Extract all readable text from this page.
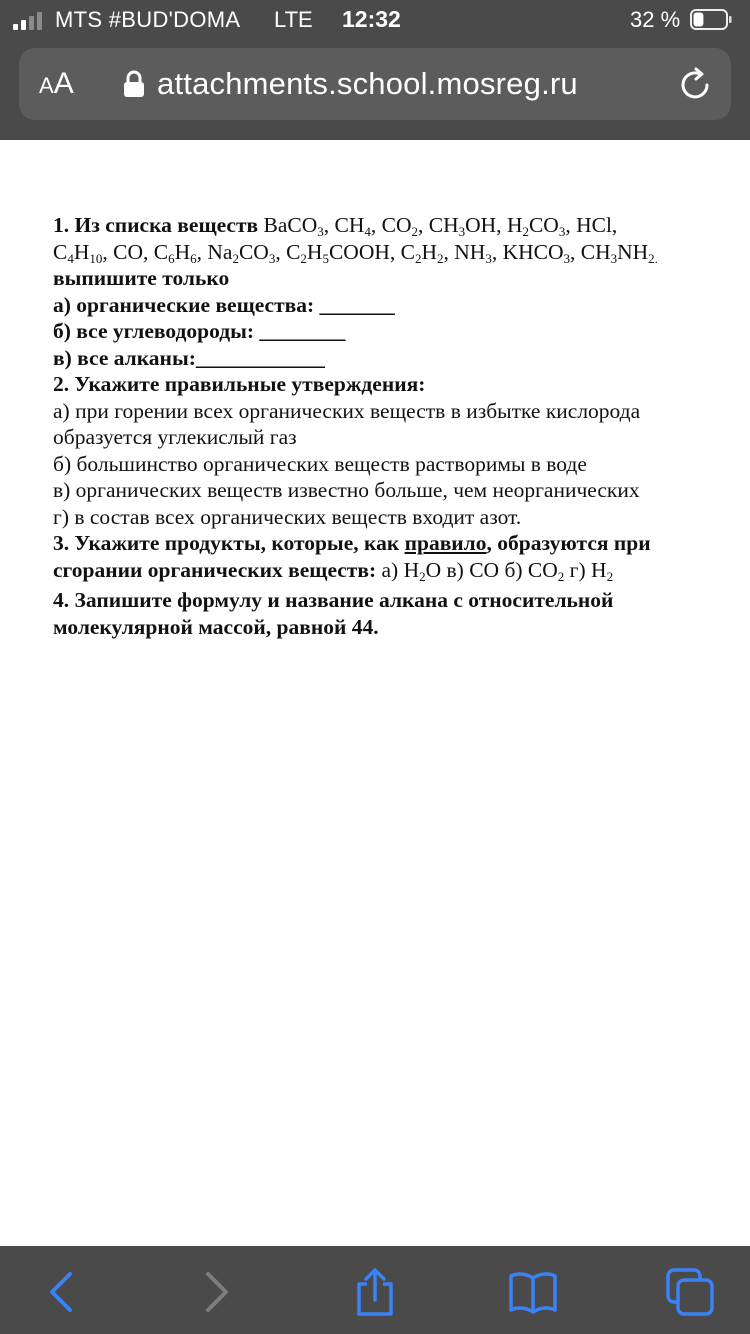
MTS #BUD'DOMA LTE 12:32	32 %
AA	attachments.school.mosreg.ru

1. Из списка веществ BaCO$_3$, $CH_4$, $CO_2$, $CH_3OH$, $H_2CO_3$, HCl,

$C_4H_{10}$, CO, $C_6H_6$, $Na_2CO_3$, $C_2H_5COOH$, $C_2H_2$, $NH_3$, $KHCO_3$, $CH_3NH_{2.}$

выпишите только

а) органические вещества: _______

б) все углеводороды: ________

в) все алканы:____________

2. Укажите правильные утверждения:

а) при горении всех органических веществ в избытке кислорода

образуется углекислый газ

б) большинство органических веществ растворимы в воде

в) органических веществ известно больше, чем неорганических

г) в состав всех органических веществ входит азот.

3. Укажите продукты, которые, как правило, образуются при

сгорании органических веществ: а) $H_2O$ в) CO б) $CO_2$ г) $H_2$

4. Запишите формулу и название алкана с относительной

молекулярной массой, равной 44.
